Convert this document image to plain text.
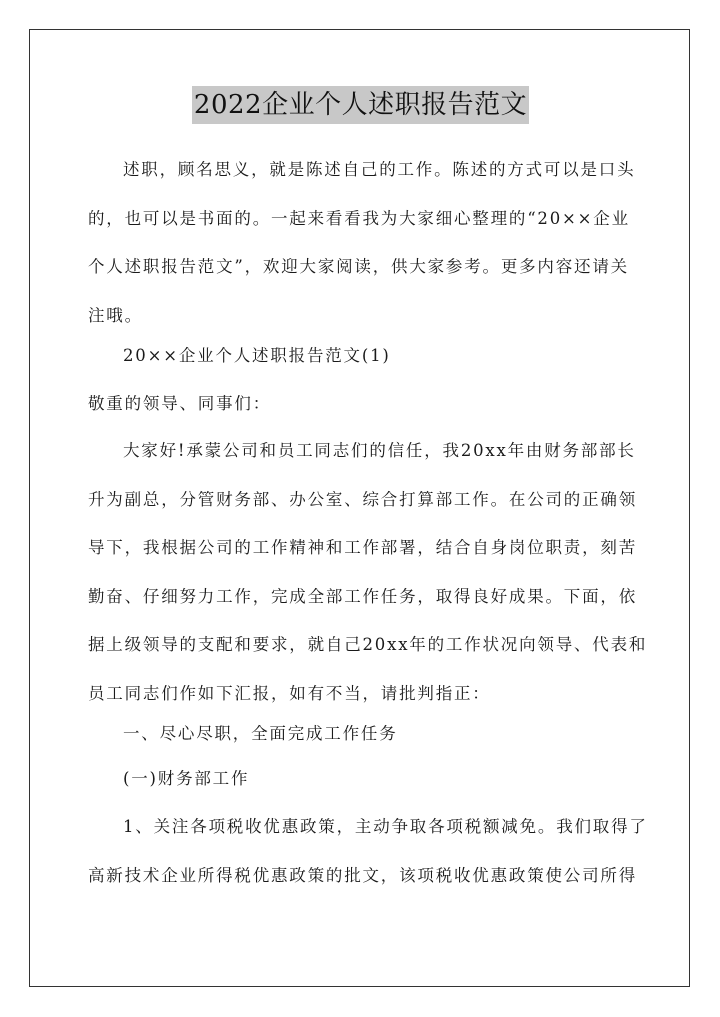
2022企业个人述职报告范文
述职，顾名思义，就是陈述自己的工作。陈述的方式可以是口头
的，也可以是书面的。一起来看看我为大家细心整理的“20××企业
个人述职报告范文”，欢迎大家阅读，供大家参考。更多内容还请关
注哦。
20××企业个人述职报告范文(1)
敬重的领导、同事们：
大家好!承蒙公司和员工同志们的信任，我20xx年由财务部部长
升为副总，分管财务部、办公室、综合打算部工作。在公司的正确领
导下，我根据公司的工作精神和工作部署，结合自身岗位职责，刻苦
勤奋、仔细努力工作，完成全部工作任务，取得良好成果。下面，依
据上级领导的支配和要求，就自己20xx年的工作状况向领导、代表和
员工同志们作如下汇报，如有不当，请批判指正：
一、尽心尽职，全面完成工作任务
(一)财务部工作
1、关注各项税收优惠政策，主动争取各项税额减免。我们取得了
高新技术企业所得税优惠政策的批文，该项税收优惠政策使公司所得
